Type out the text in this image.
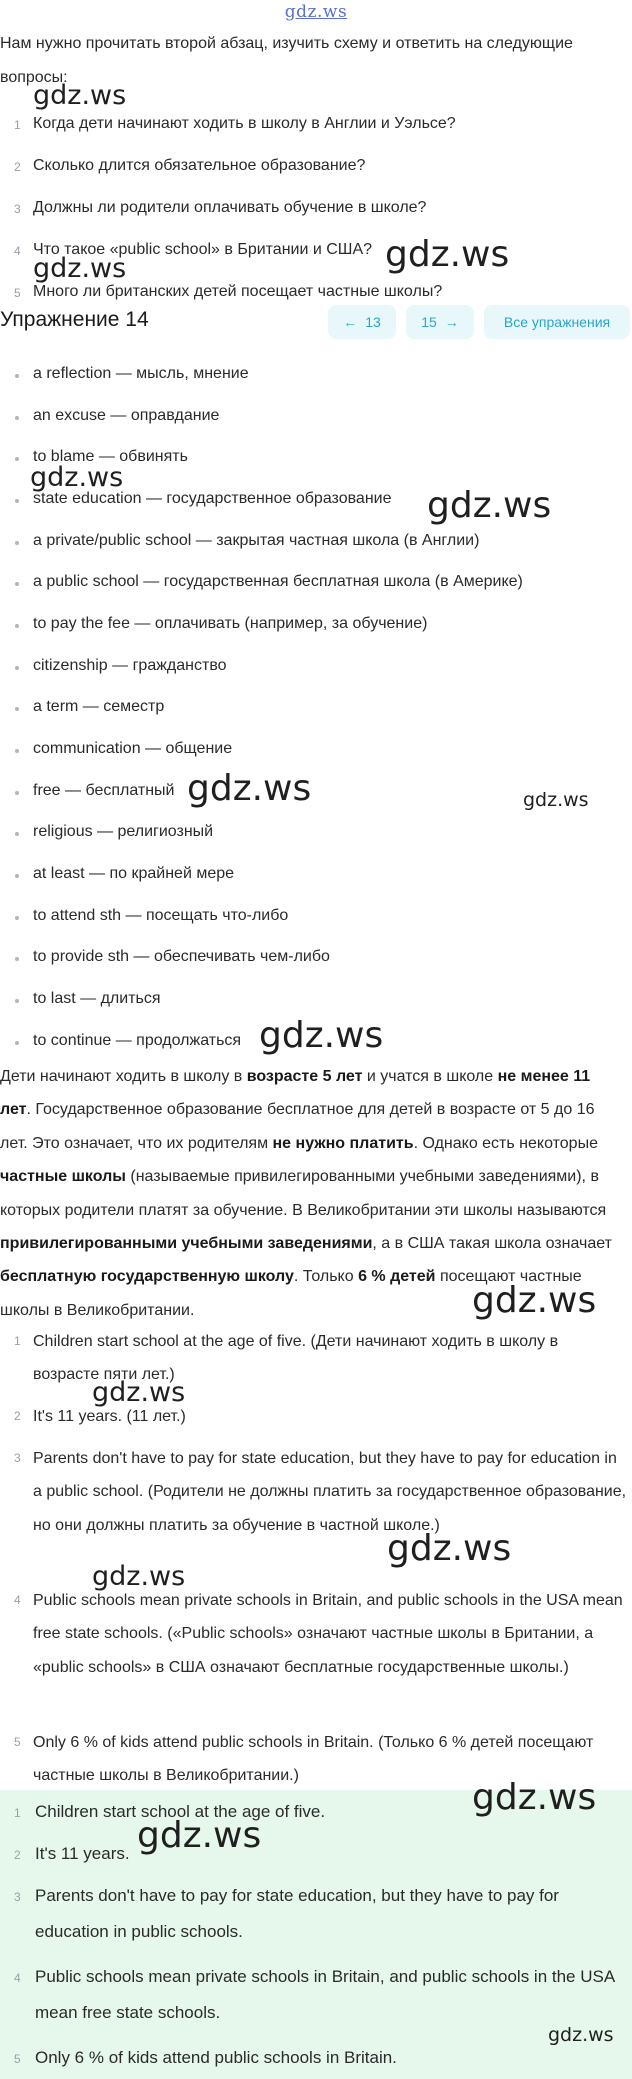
gdz.ws
Нам нужно прочитать второй абзац, изучить схему и ответить на следующие вопросы:
1 Когда дети начинают ходить в школу в Англии и Уэльсе?
2 Сколько длится обязательное образование?
3 Должны ли родители оплачивать обучение в школе?
4 Что такое «public school» в Британии и США?
5 Много ли британских детей посещает частные школы?
Упражнение 14	← 13	15 →	Все упражнения
a reflection — мысль, мнение
an excuse — оправдание
to blame — обвинять
state education — государственное образование
a private/public school — закрытая частная школа (в Англии)
a public school — государственная бесплатная школа (в Америке)
to pay the fee — оплачивать (например, за обучение)
citizenship — гражданство
a term — семестр
communication — общение
free — бесплатный
religious — религиозный
at least — по крайней мере
to attend sth — посещать что-либо
to provide sth — обеспечивать чем-либо
to last — длиться
to continue — продолжаться
Дети начинают ходить в школу в возрасте 5 лет и учатся в школе не менее 11 лет. Государственное образование бесплатное для детей в возрасте от 5 до 16 лет. Это означает, что их родителям не нужно платить. Однако есть некоторые частные школы (называемые привилегированными учебными заведениями), в которых родители платят за обучение. В Великобритании эти школы называются привилегированными учебными заведениями, а в США такая школа означает бесплатную государственную школу. Только 6 % детей посещают частные школы в Великобритании.
1 Children start school at the age of five. (Дети начинают ходить в школу в возрасте пяти лет.)
2 It's 11 years. (11 лет.)
3 Parents don't have to pay for state education, but they have to pay for education in a public school. (Родители не должны платить за государственное образование, но они должны платить за обучение в частной школе.)
4 Public schools mean private schools in Britain, and public schools in the USA mean free state schools. («Public schools» означают частные школы в Британии, а «public schools» в США означают бесплатные государственные школы.)
5 Only 6 % of kids attend public schools in Britain. (Только 6 % детей посещают частные школы в Великобритании.)
1 Children start school at the age of five.
2 It's 11 years.
3 Parents don't have to pay for state education, but they have to pay for education in public schools.
4 Public schools mean private schools in Britain, and public schools in the USA mean free state schools.
5 Only 6 % of kids attend public schools in Britain.
gdz.ws
gdz.ws
gdz.ws
gdz.ws
gdz.ws
gdz.ws	gdz.ws
gdz.ws
gdz.ws
gdz.ws
gdz.ws
gdz.ws
gdz.ws
gdz.ws
gdz.ws
